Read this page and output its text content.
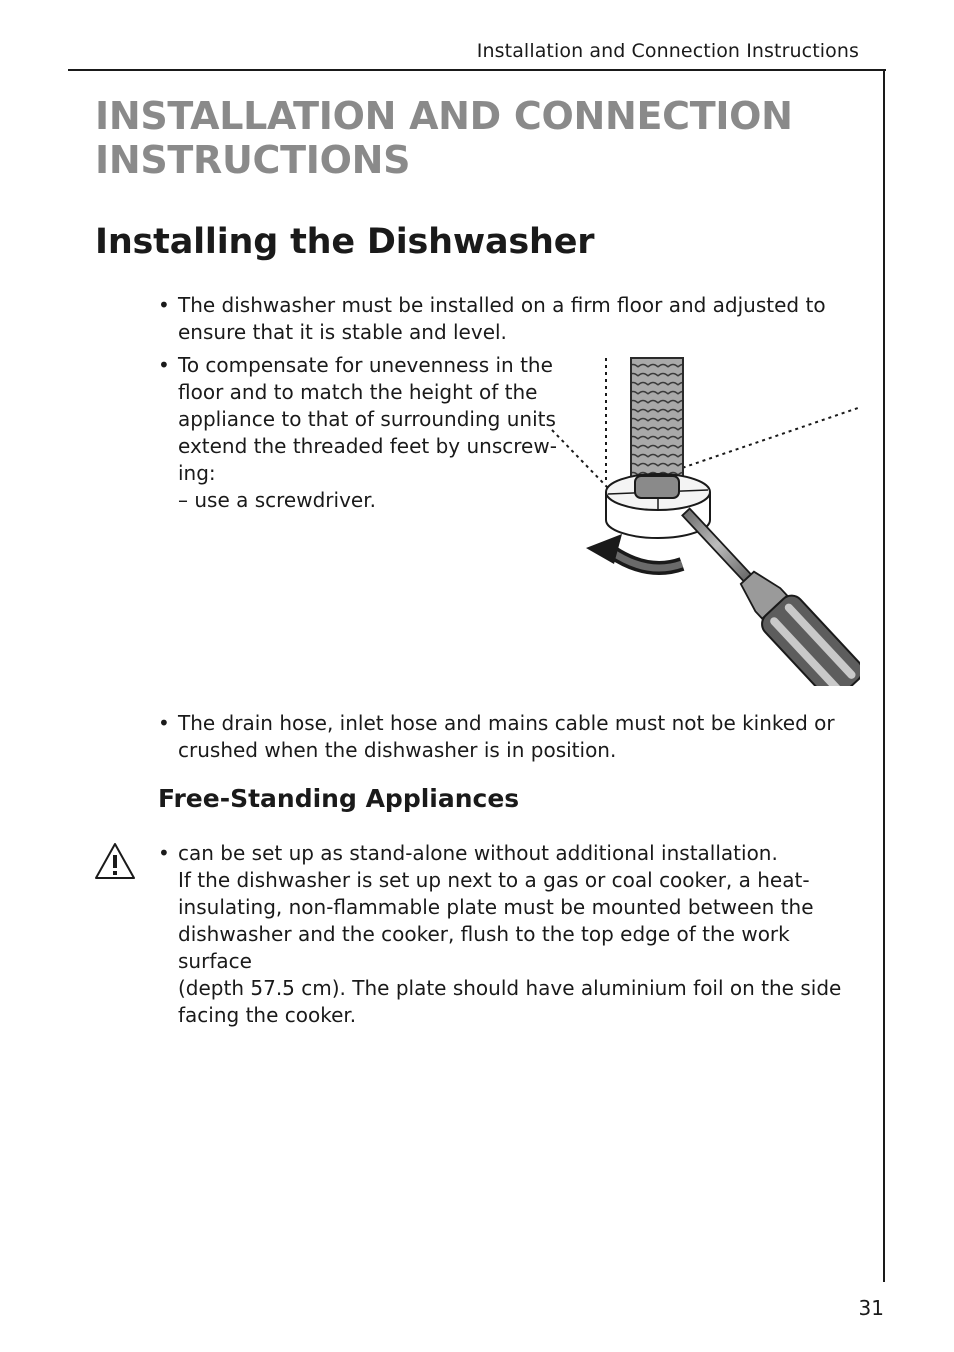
Installation and Connection Instructions
INSTALLATION AND CONNECTION INSTRUCTIONS
Installing the Dishwasher
• The dishwasher must be installed on a firm floor and adjusted to
ensure that it is stable and level.
• To compensate for unevenness in the
floor and to match the height of the
appliance to that of surrounding units
extend the threaded feet by unscrew-
ing:
– use a screwdriver.
• The drain hose, inlet hose and mains cable must not be kinked or
crushed when the dishwasher is in position.
Free-Standing Appliances
• can be set up as stand-alone without additional installation.
If the dishwasher is set up next to a gas or coal cooker, a heat-
insulating, non-flammable plate must be mounted between the
dishwasher and the cooker, flush to the top edge of the work surface
(depth 57.5 cm). The plate should have aluminium foil on the side
facing the cooker.
31
